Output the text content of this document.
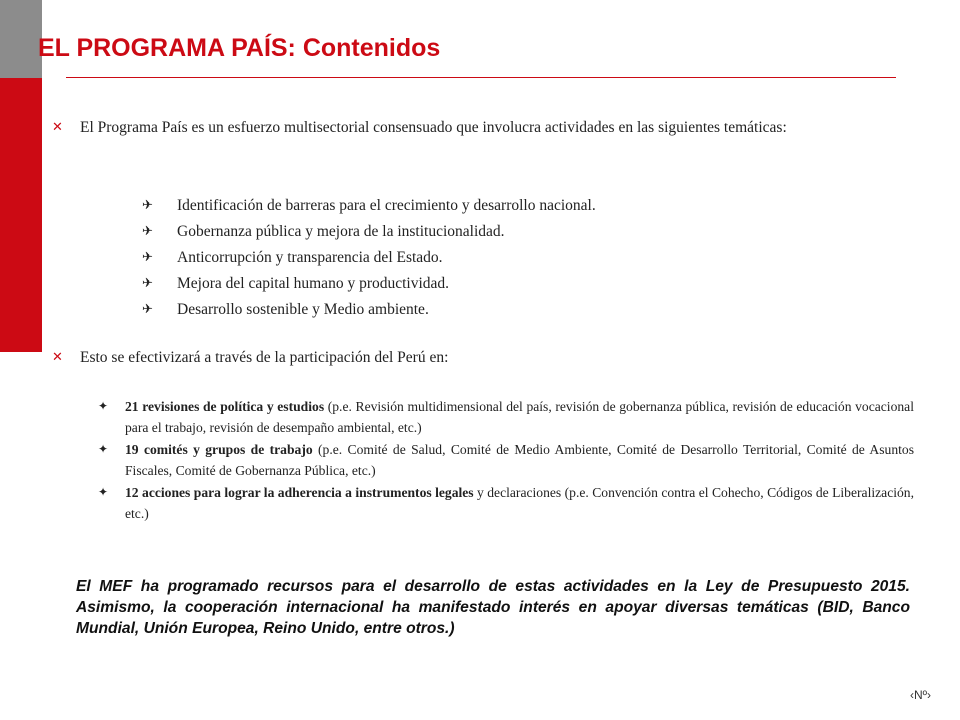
EL PROGRAMA PAÍS: Contenidos
✕	El Programa País es un esfuerzo multisectorial consensuado que involucra actividades en las siguientes temáticas:
✈ Identificación de barreras para el crecimiento y desarrollo nacional.
✈ Gobernanza pública y mejora de la institucionalidad.
✈ Anticorrupción y transparencia del Estado.
✈ Mejora del capital humano y productividad.
✈ Desarrollo sostenible y Medio ambiente.
✕	Esto se efectivizará a través de la participación del Perú en:
✦ 21 revisiones de política y estudios (p.e. Revisión multidimensional del país, revisión de gobernanza pública, revisión de educación vocacional para el trabajo, revisión de desempaño ambiental, etc.)
✦ 19 comités y grupos de trabajo (p.e. Comité de Salud, Comité de Medio Ambiente, Comité de Desarrollo Territorial, Comité de Asuntos Fiscales, Comité de Gobernanza Pública, etc.)
✦ 12 acciones para lograr la adherencia a instrumentos legales y declaraciones (p.e. Convención contra el Cohecho, Códigos de Liberalización, etc.)
El MEF ha programado recursos para el desarrollo de estas actividades en la Ley de Presupuesto 2015. Asimismo, la cooperación internacional ha manifestado interés en apoyar diversas temáticas (BID, Banco Mundial, Unión Europea, Reino Unido, entre otros.)
‹Nº›
